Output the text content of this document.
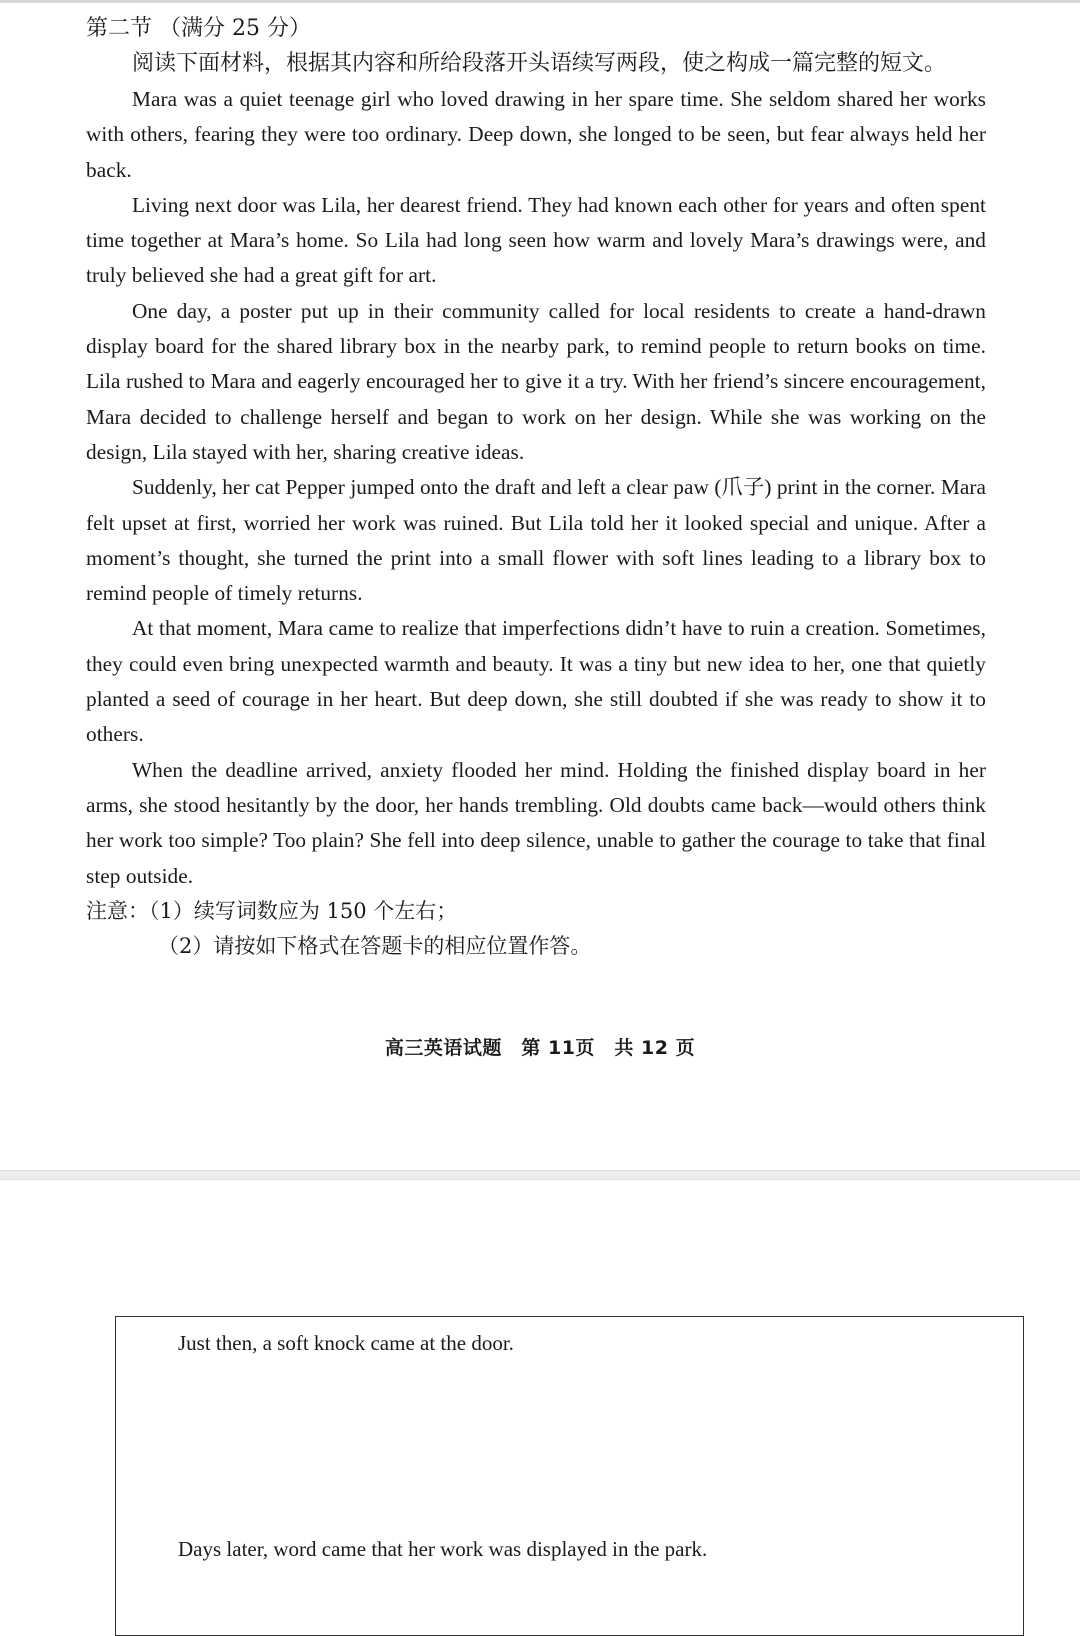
第二节 （满分 25 分）

阅读下面材料，根据其内容和所给段落开头语续写两段，使之构成一篇完整的短文。

Mara was a quiet teenage girl who loved drawing in her spare time. She seldom shared her works with others, fearing they were too ordinary. Deep down, she longed to be seen, but fear always held her back.

Living next door was Lila, her dearest friend. They had known each other for years and often spent time together at Mara’s home. So Lila had long seen how warm and lovely Mara’s drawings were, and truly believed she had a great gift for art.

One day, a poster put up in their community called for local residents to create a hand-drawn display board for the shared library box in the nearby park, to remind people to return books on time. Lila rushed to Mara and eagerly encouraged her to give it a try. With her friend’s sincere encouragement, Mara decided to challenge herself and began to work on her design. While she was working on the design, Lila stayed with her, sharing creative ideas.

Suddenly, her cat Pepper jumped onto the draft and left a clear paw (爪子) print in the corner. Mara felt upset at first, worried her work was ruined. But Lila told her it looked special and unique. After a moment’s thought, she turned the print into a small flower with soft lines leading to a library box to remind people of timely returns.

At that moment, Mara came to realize that imperfections didn’t have to ruin a creation. Sometimes, they could even bring unexpected warmth and beauty. It was a tiny but new idea to her, one that quietly planted a seed of courage in her heart. But deep down, she still doubted if she was ready to show it to others.

When the deadline arrived, anxiety flooded her mind. Holding the finished display board in her arms, she stood hesitantly by the door, her hands trembling. Old doubts came back—would others think her work too simple? Too plain? She fell into deep silence, unable to gather the courage to take that final step outside.

注意：（1）续写词数应为 150 个左右；

（2）请按如下格式在答题卡的相应位置作答。

高三英语试题　第 11页　共 12 页

Just then, a soft knock came at the door.

Days later, word came that her work was displayed in the park.
